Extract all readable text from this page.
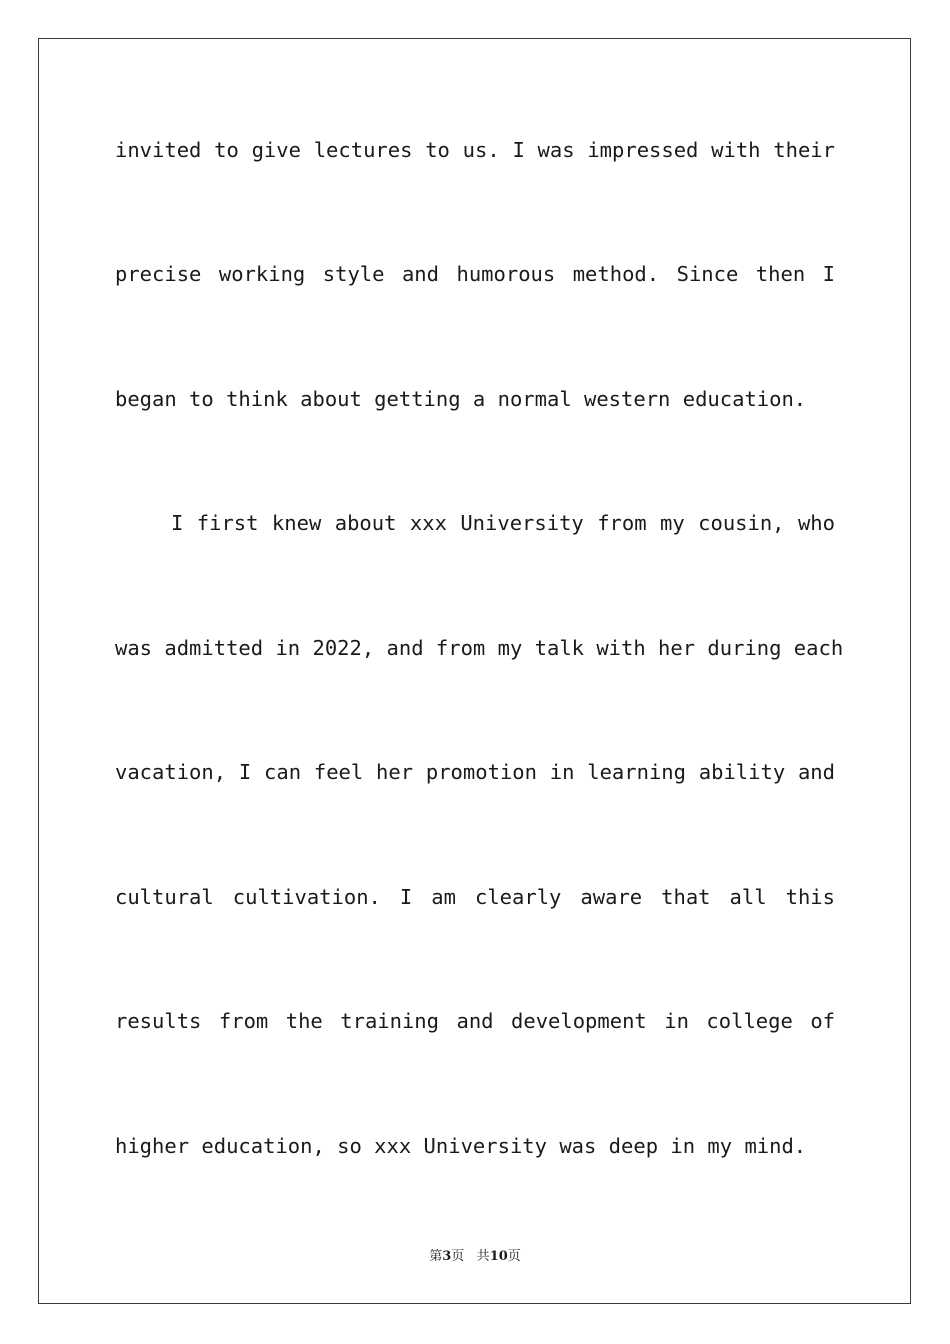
invited to give lectures to us. I was impressed with their
precise working style and humorous method. Since then I
began to think about getting a normal western education.
I first knew about xxx University from my cousin, who
was admitted in 2022, and from my talk with her during each
vacation, I can feel her promotion in learning ability and
cultural cultivation. I am clearly aware that all this
results from the training and development in college of
higher education, so xxx University was deep in my mind.
第3页 共10页
